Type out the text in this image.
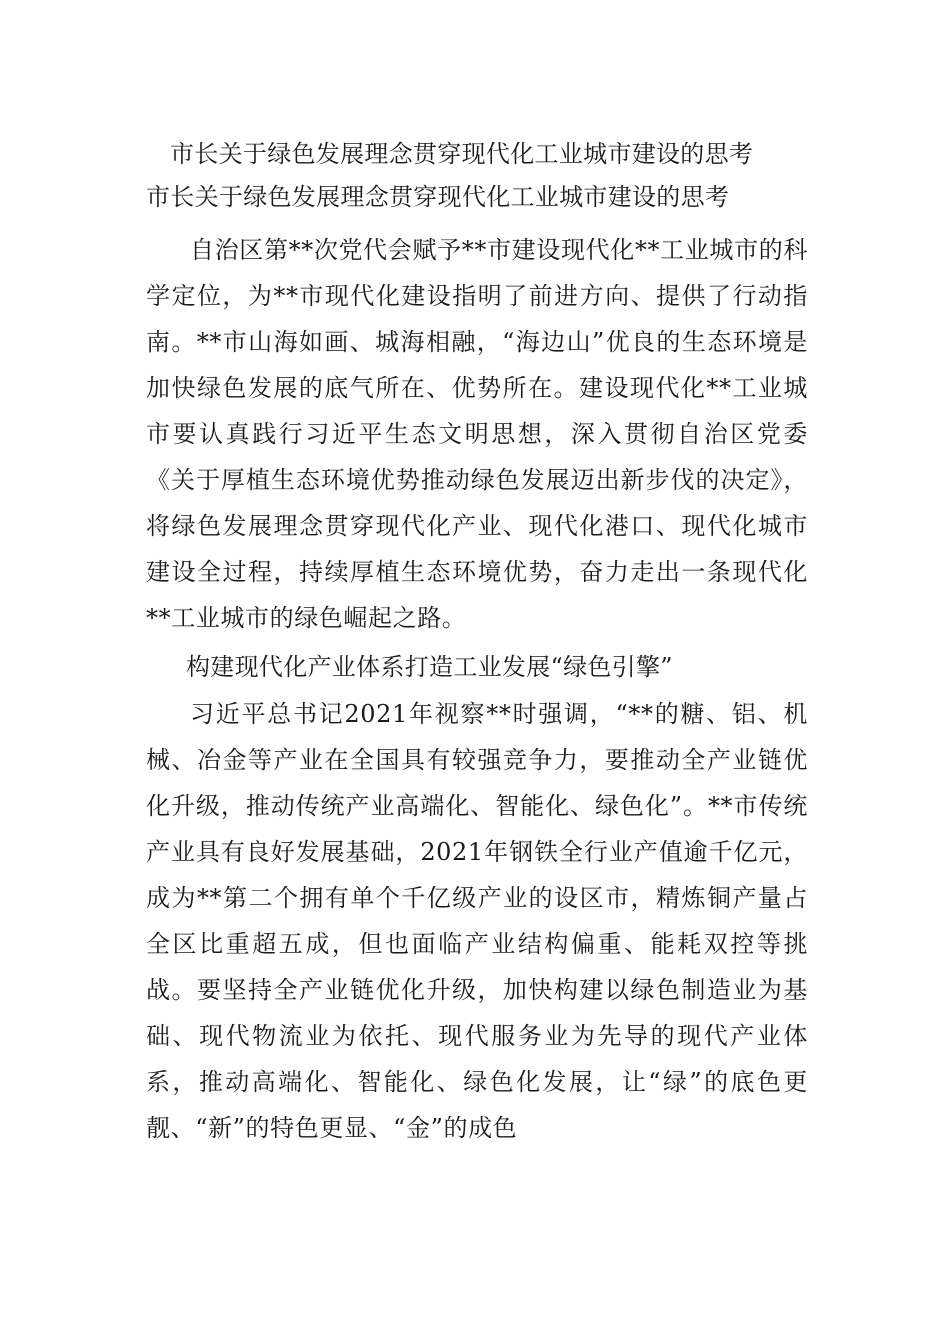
市长关于绿色发展理念贯穿现代化工业城市建设的思考

市长关于绿色发展理念贯穿现代化工业城市建设的思考

自治区第**次党代会赋予**市建设现代化**工业城市的科学定位，为**市现代化建设指明了前进方向、提供了行动指南。**市山海如画、城海相融，“海边山”优良的生态环境是加快绿色发展的底气所在、优势所在。建设现代化**工业城市要认真践行习近平生态文明思想，深入贯彻自治区党委《关于厚植生态环境优势推动绿色发展迈出新步伐的决定》，将绿色发展理念贯穿现代化产业、现代化港口、现代化城市建设全过程，持续厚植生态环境优势，奋力走出一条现代化**工业城市的绿色崛起之路。

构建现代化产业体系打造工业发展“绿色引擎”

习近平总书记2021年视察**时强调，“**的糖、铝、机械、冶金等产业在全国具有较强竞争力，要推动全产业链优化升级，推动传统产业高端化、智能化、绿色化”。**市传统产业具有良好发展基础，2021年钢铁全行业产值逾千亿元，成为**第二个拥有单个千亿级产业的设区市，精炼铜产量占全区比重超五成，但也面临产业结构偏重、能耗双控等挑战。要坚持全产业链优化升级，加快构建以绿色制造业为基础、现代物流业为依托、现代服务业为先导的现代产业体系，推动高端化、智能化、绿色化发展，让“绿”的底色更靓、“新”的特色更显、“金”的成色
